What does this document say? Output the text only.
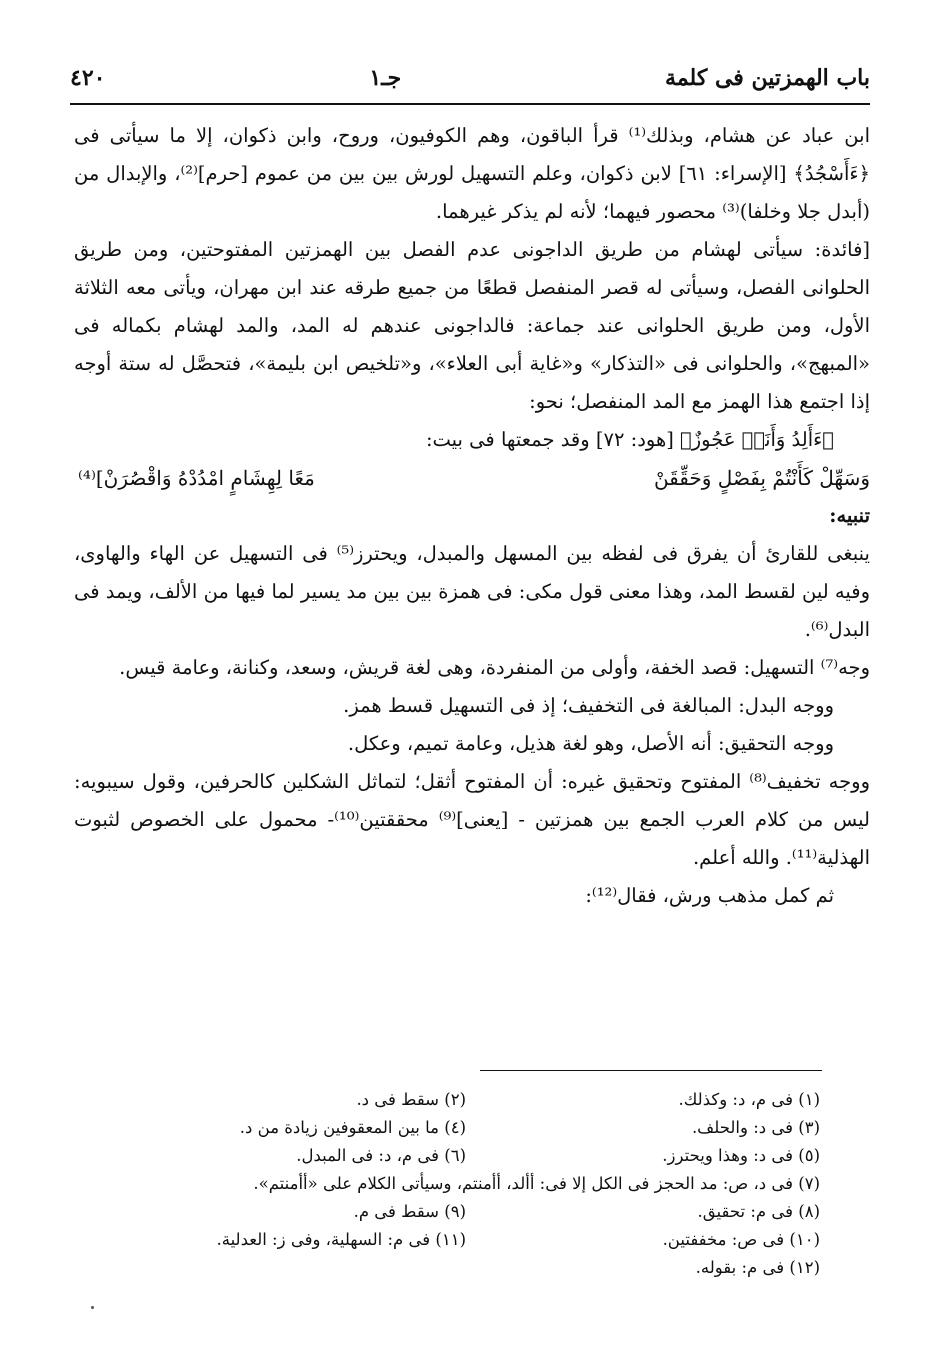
باب الهمزتين فى كلمة
جـ١
٤٢٠

ابن عباد عن هشام، وبذلك⁽¹⁾ قرأ الباقون، وهم الكوفيون، وروح، وابن ذكوان، إلا ما سيأتى فى ﴿ءَأَسْجُدُ﴾ [الإسراء: ٦١] لابن ذكوان، وعلم التسهيل لورش بين بين من عموم [حرم]⁽²⁾، والإبدال من (أبدل جلا وخلفا)⁽³⁾ محصور فيهما؛ لأنه لم يذكر غيرهما.

[فائدة: سيأتى لهشام من طريق الداجونى عدم الفصل بين الهمزتين المفتوحتين، ومن طريق الحلوانى الفصل، وسيأتى له قصر المنفصل قطعًا من جميع طرقه عند ابن مهران، ويأتى معه الثلاثة الأول، ومن طريق الحلوانى عند جماعة: فالداجونى عندهم له المد، والمد لهشام بكماله فى «المبهج»، والحلوانى فى «التذكار» و«غاية أبى العلاء»، و«تلخيص ابن بليمة»، فتحصَّل له ستة أوجه إذا اجتمع هذا الهمز مع المد المنفصل؛ نحو:

﴿ءَأَلِدُ وَأَنَا۠ عَجُوزٌ﴾ [هود: ٧٢] وقد جمعتها فى بيت:

وَسَهِّلْ كَأَنْتُمْ بِفَصْلٍ وَحَقِّقَنْ
مَعًا لِهِشَامٍ امْدُدْهُ وَاقْصُرَنْ]⁽⁴⁾

تنبيه:

ينبغى للقارئ أن يفرق فى لفظه بين المسهل والمبدل، ويحترز⁽⁵⁾ فى التسهيل عن الهاء والهاوى، وفيه لين لقسط المد، وهذا معنى قول مكى: فى همزة بين بين مد يسير لما فيها من الألف، ويمد فى البدل⁽⁶⁾.

وجه⁽⁷⁾ التسهيل: قصد الخفة، وأولى من المنفردة، وهى لغة قريش، وسعد، وكنانة، وعامة قيس.

ووجه البدل: المبالغة فى التخفيف؛ إذ فى التسهيل قسط همز.

ووجه التحقيق: أنه الأصل، وهو لغة هذيل، وعامة تميم، وعكل.

ووجه تخفيف⁽⁸⁾ المفتوح وتحقيق غيره: أن المفتوح أثقل؛ لتماثل الشكلين كالحرفين، وقول سيبويه: ليس من كلام العرب الجمع بين همزتين - [يعنى]⁽⁹⁾ محققتين⁽¹⁰⁾- محمول على الخصوص لثبوت الهذلية⁽¹¹⁾. والله أعلم.

ثم كمل مذهب ورش، فقال⁽¹²⁾:

(١) فى م، د: وكذلك.
(٢) سقط فى د.
(٣) فى د: والحلف.
(٤) ما بين المعقوفين زيادة من د.
(٥) فى د: وهذا ويحترز.
(٦) فى م، د: فى المبدل.
(٧) فى د، ص: مد الحجز فى الكل إلا فى: أألد، أأمنتم، وسيأتى الكلام على «أأمنتم».
(٨) فى م: تحقيق.
(٩) سقط فى م.
(١٠) فى ص: مخففتين.
(١١) فى م: السهلية، وفى ز: العدلية.
(١٢) فى م: بقوله.
